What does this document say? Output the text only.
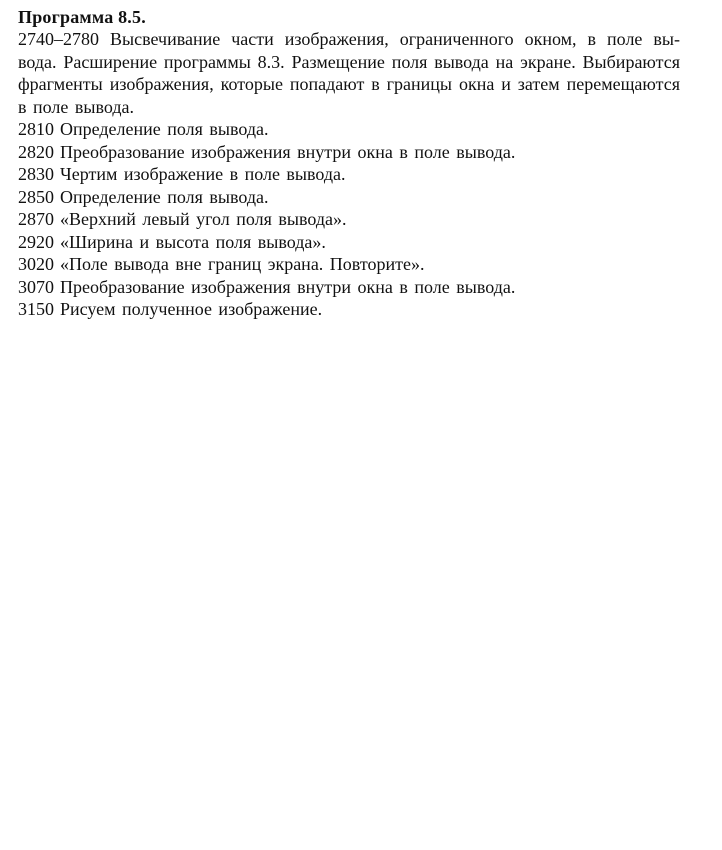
Программа 8.5.

2740–2780 Высвечивание части изображения, ограниченного окном, в поле вы-вода. Расширение программы 8.3. Размещение поля вывода на экране. Выбираются фрагменты изображения, которые попадают в границы окна и затем перемещаются в поле вывода.

2810 Определение поля вывода.

2820 Преобразование изображения внутри окна в поле вывода.

2830 Чертим изображение в поле вывода.

2850 Определение поля вывода.

2870 «Верхний левый угол поля вывода».

2920 «Ширина и высота поля вывода».

3020 «Поле вывода вне границ экрана. Повторите».

3070 Преобразование изображения внутри окна в поле вывода.

3150 Рисуем полученное изображение.
